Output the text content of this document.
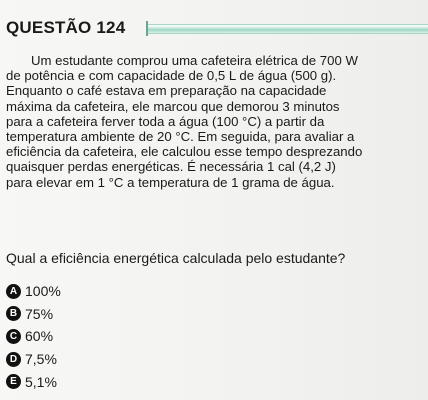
QUESTÃO 124
Um estudante comprou uma cafeteira elétrica de 700 W
de potência e com capacidade de 0,5 L de água (500 g).
Enquanto o café estava em preparação na capacidade
máxima da cafeteira, ele marcou que demorou 3 minutos
para a cafeteira ferver toda a água (100 °C) a partir da
temperatura ambiente de 20 °C. Em seguida, para avaliar a
eficiência da cafeteira, ele calculou esse tempo desprezando
quaisquer perdas energéticas. É necessária 1 cal (4,2 J)
para elevar em 1 °C a temperatura de 1 grama de água.
Qual a eficiência energética calculada pelo estudante?
A 100%
B 75%
C 60%
D 7,5%
E 5,1%
